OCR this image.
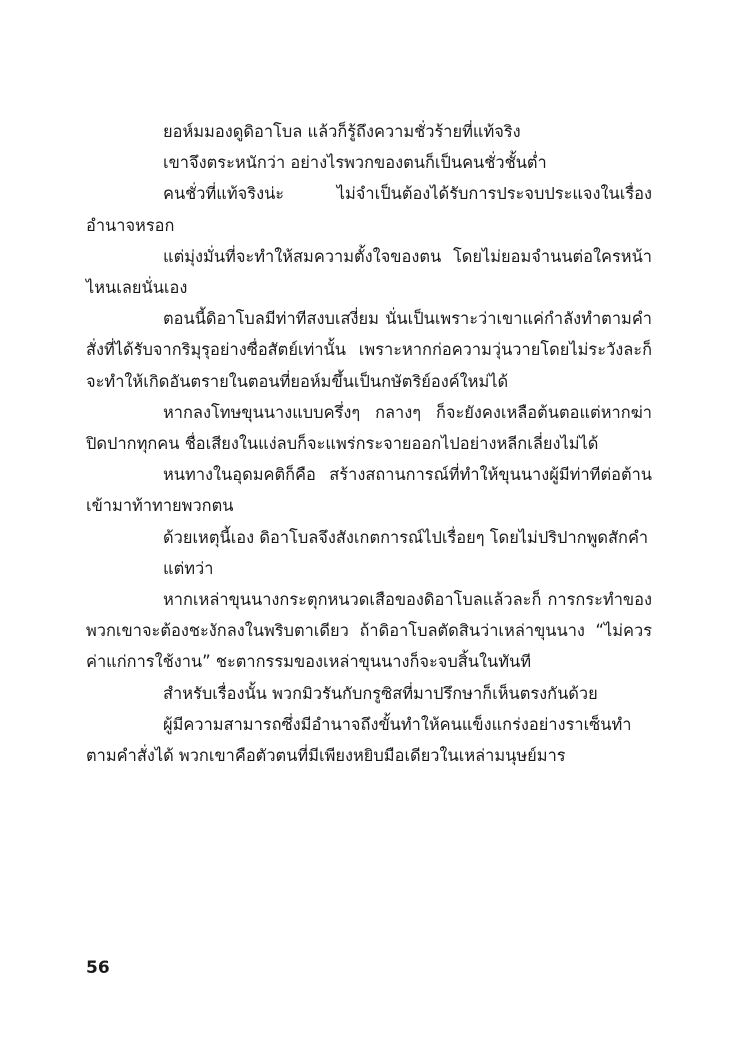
ยอห์มมองดูดิอาโบล แล้วก็รู้ถึงความชั่วร้ายที่แท้จริง

เขาจึงตระหนักว่า อย่างไรพวกของตนก็เป็นคนชั่วชั้นต่ำ

คนชั่วที่แท้จริงน่ะ ไม่จำเป็นต้องได้รับการประจบประแจงในเรื่องอำนาจหรอก

แต่มุ่งมั่นที่จะทำให้สมความตั้งใจของตน โดยไม่ยอมจำนนต่อใครหน้าไหนเลยนั่นเอง

ตอนนี้ดิอาโบลมีท่าทีสงบเสงี่ยม นั่นเป็นเพราะว่าเขาแค่กำลังทำตามคำสั่งที่ได้รับจากริมุรุอย่างซื่อสัตย์เท่านั้น เพราะหากก่อความวุ่นวายโดยไม่ระวังละก็ จะทำให้เกิดอันตรายในตอนที่ยอห์มขึ้นเป็นกษัตริย์องค์ใหม่ได้

หากลงโทษขุนนางแบบครึ่งๆ กลางๆ ก็จะยังคงเหลือต้นตอแต่หากฆ่าปิดปากทุกคน ชื่อเสียงในแง่ลบก็จะแพร่กระจายออกไปอย่างหลีกเลี่ยงไม่ได้

หนทางในอุดมคติก็คือ สร้างสถานการณ์ที่ทำให้ขุนนางผู้มีท่าทีต่อต้านเข้ามาท้าทายพวกตน

ด้วยเหตุนี้เอง ดิอาโบลจึงสังเกตการณ์ไปเรื่อยๆ โดยไม่ปริปากพูดสักคำ

แต่ทว่า

หากเหล่าขุนนางกระตุกหนวดเสือของดิอาโบลแล้วละก็ การกระทำของพวกเขาจะต้องชะงักลงในพริบตาเดียว ถ้าดิอาโบลตัดสินว่าเหล่าขุนนาง “ไม่ควรค่าแก่การใช้งาน” ชะตากรรมของเหล่าขุนนางก็จะจบสิ้นในทันที

สำหรับเรื่องนั้น พวกมิวรันกับกรูซิสที่มาปรึกษาก็เห็นตรงกันด้วย

ผู้มีความสามารถซึ่งมีอำนาจถึงขั้นทำให้คนแข็งแกร่งอย่างราเซ็นทำตามคำสั่งได้ พวกเขาคือตัวตนที่มีเพียงหยิบมือเดียวในเหล่ามนุษย์มาร

56
